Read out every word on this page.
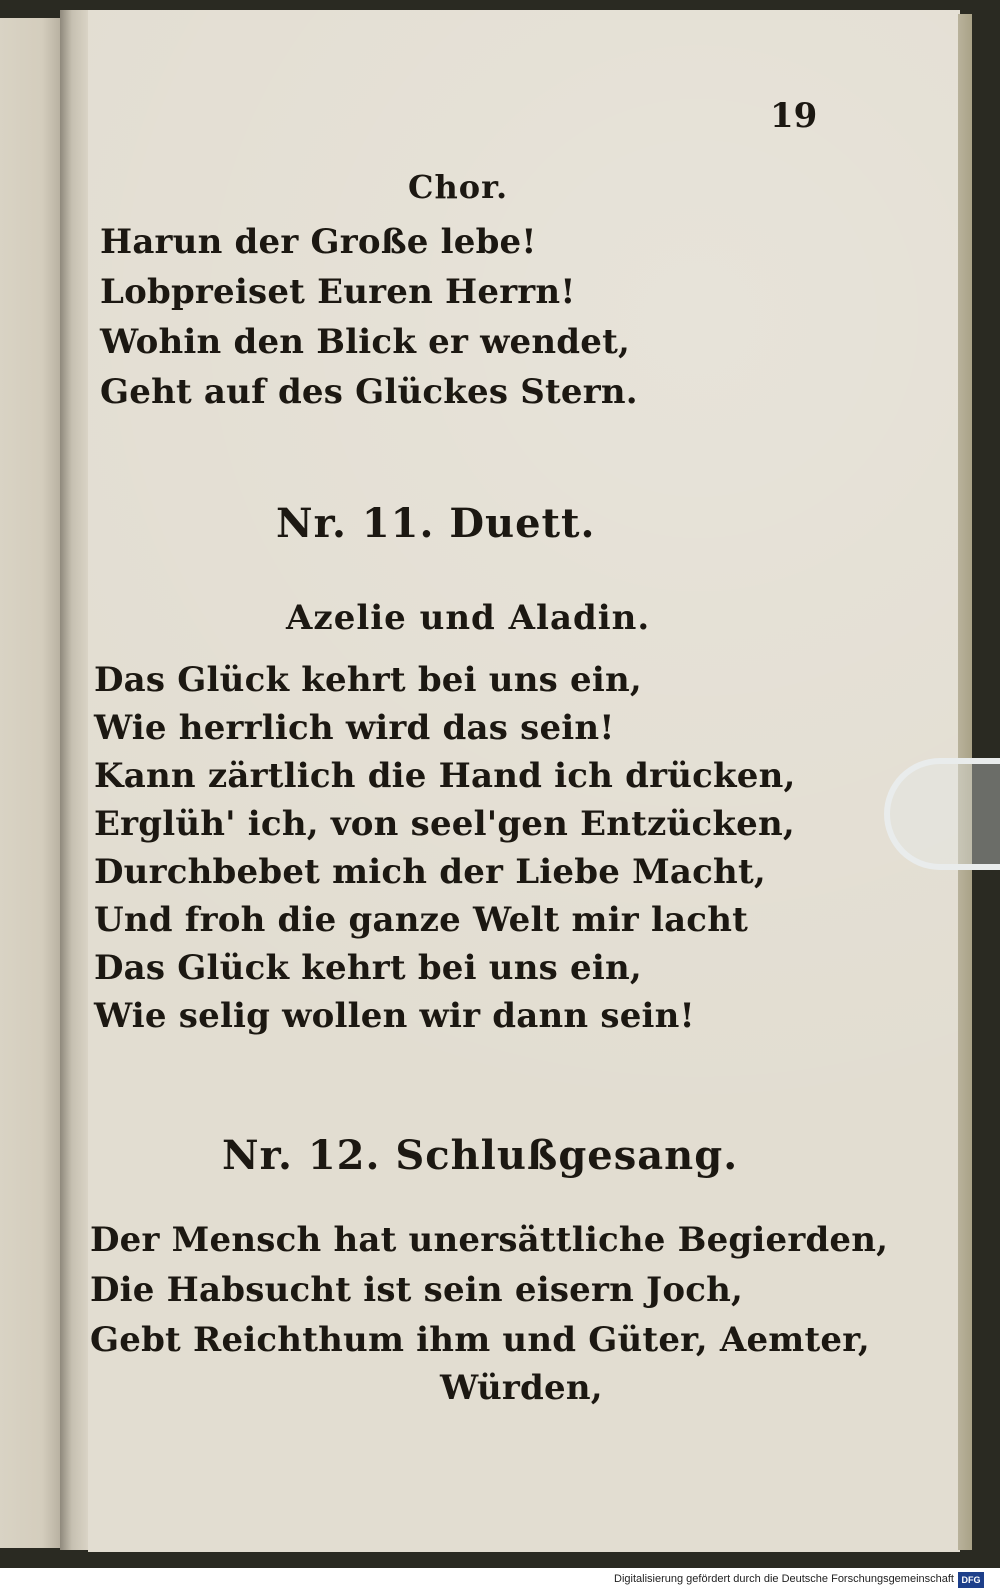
19
Chor.
Harun der Große lebe!
Lobpreiset Euren Herrn!
Wohin den Blick er wendet,
Geht auf des Glückes Stern.
Nr. 11. Duett.
Azelie und Aladin.
Das Glück kehrt bei uns ein,
Wie herrlich wird das sein!
Kann zärtlich die Hand ich drücken,
Erglüh' ich, von seel'gen Entzücken,
Durchbebet mich der Liebe Macht,
Und froh die ganze Welt mir lacht
Das Glück kehrt bei uns ein,
Wie selig wollen wir dann sein!
Nr. 12. Schlußgesang.
Der Mensch hat unersättliche Begierden,
Die Habsucht ist sein eisern Joch,
Gebt Reichthum ihm und Güter, Aemter,
Würden,
Digitalisierung gefördert durch die Deutsche Forschungsgemeinschaft DFG
